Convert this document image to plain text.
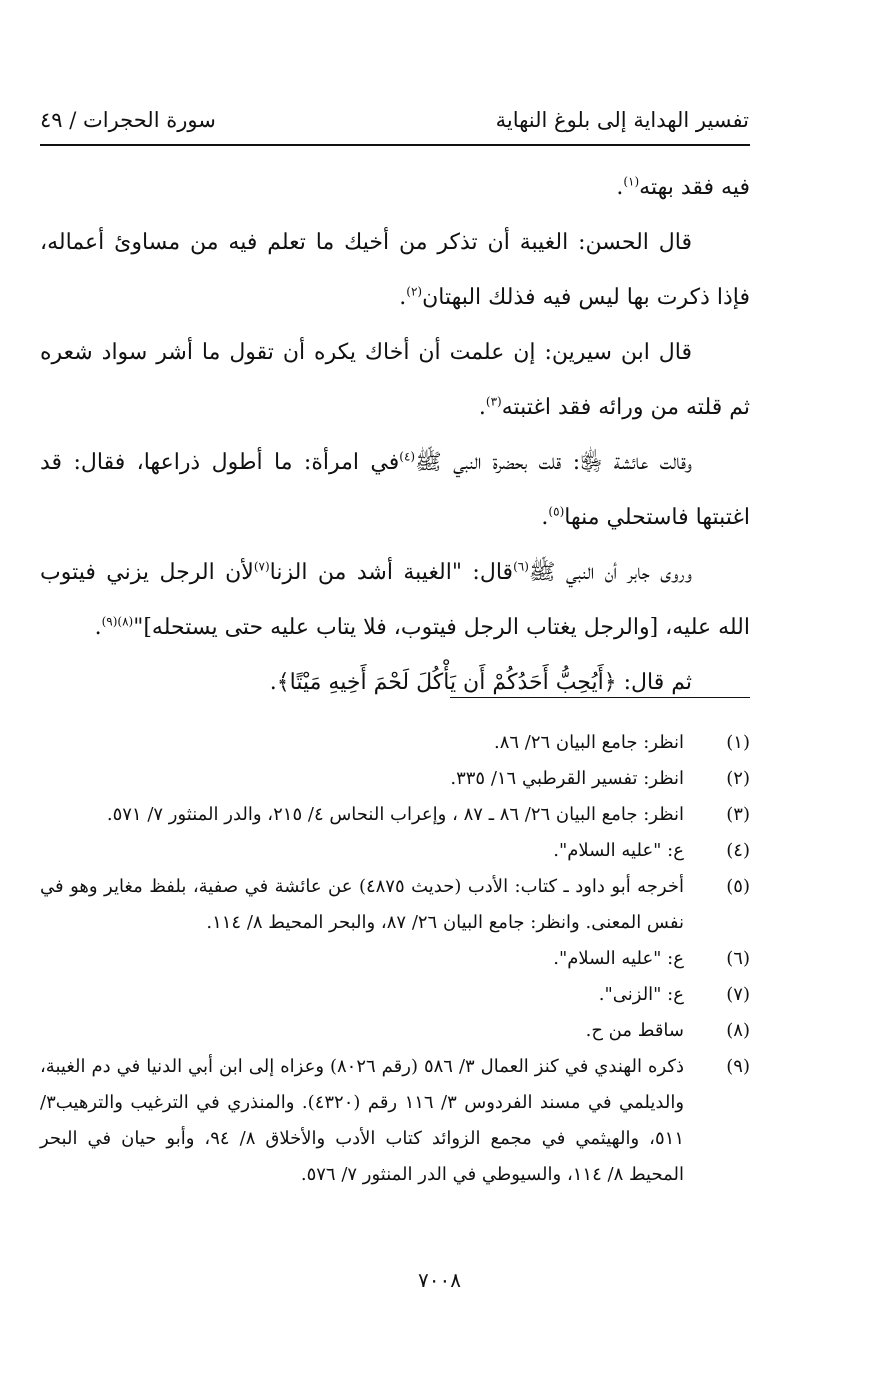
تفسير الهداية إلى بلوغ النهاية
سورة الحجرات / ٤٩

فيه فقد بهته$^{(١)}$.

قال الحسن: الغيبة أن تذكر من أخيك ما تعلم فيه من مساوئ أعماله، فإذا ذكرت بها ليس فيه فذلك البهتان$^{(٢)}$.

قال ابن سيرين: إن علمت أن أخاك يكره أن تقول ما أشر سواد شعره ثم قلته من ورائه فقد اغتبته$^{(٣)}$.

وقالت عائشة ﵂: قلت بحضرة النبي ﷺ$^{(٤)}$في امرأة: ما أطول ذراعها، فقال: قد اغتبتها فاستحلي منها$^{(٥)}$.

وروى جابر أن النبي ﷺ$^{(٦)}$قال: "الغيبة أشد من الزنا$^{(٧)}$لأن الرجل يزني فيتوب الله عليه، [والرجل يغتاب الرجل فيتوب، فلا يتاب عليه حتى يستحله]"$^{(٨)(٩)}$.

ثم قال: ﴿أَيُحِبُّ أَحَدُكُمْ أَن يَأْكُلَ لَحْمَ أَخِيهِ مَيْتًا﴾.

(١)
انظر: جامع البيان ٢٦/ ٨٦.
(٢)
انظر: تفسير القرطبي ١٦/ ٣٣٥.
(٣)
انظر: جامع البيان ٢٦/ ٨٦ ـ ٨٧ ، وإعراب النحاس ٤/ ٢١٥، والدر المنثور ٧/ ٥٧١.
(٤)
ع: "عليه السلام".
(٥)
أخرجه أبو داود ـ كتاب: الأدب (حديث ٤٨٧٥) عن عائشة في صفية، بلفظ مغاير وهو في نفس المعنى. وانظر: جامع البيان ٢٦/ ٨٧، والبحر المحيط ٨/ ١١٤.
(٦)
ع: "عليه السلام".
(٧)
ع: "الزنى".
(٨)
ساقط من ح.
(٩)
ذكره الهندي في كنز العمال ٣/ ٥٨٦ (رقم ٨٠٢٦) وعزاه إلى ابن أبي الدنيا في دم الغيبة، والديلمي في مسند الفردوس ٣/ ١١٦ رقم (٤٣٢٠). والمنذري في الترغيب والترهيب٣/ ٥١١، والهيثمي في مجمع الزوائد كتاب الأدب والأخلاق ٨/ ٩٤، وأبو حيان في البحر المحيط ٨/ ١١٤، والسيوطي في الدر المنثور ٧/ ٥٧٦.
٧٠٠٨
